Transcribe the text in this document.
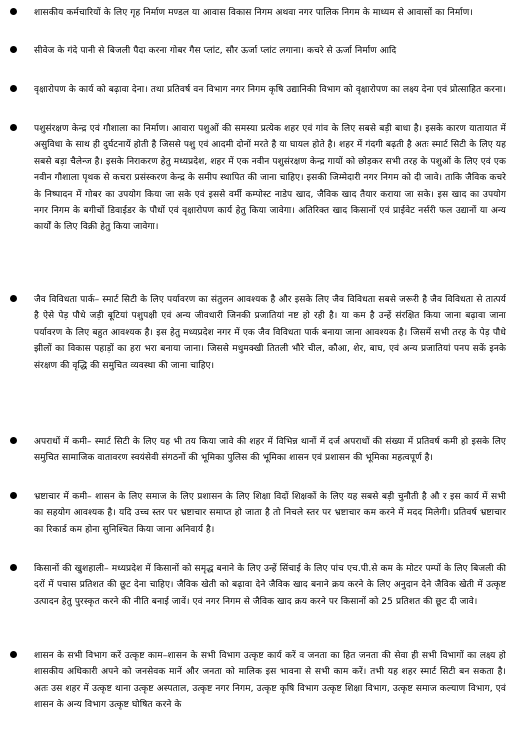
शासकीय कर्मचारियों के लिए गृह निर्माण मण्डल या आवास विकास निगम अथवा नगर पालिक निगम के माध्यम से आवासों का निर्माण।

सीवेज के गंदे पानी से बिजली पैदा करना गोबर गैस प्लांट, सौर ऊर्जा प्लांट लगाना। कचरे से ऊर्जा निर्माण आदि

वृक्षारोपण के कार्य को बढ़ावा देना। तथा प्रतिवर्ष वन विभाग नगर निगम कृषि उद्यानिकी विभाग को वृक्षारोपण का लक्ष्य देना एवं प्रोत्साहित करना।

पशुसंरक्षण केन्द्र एवं गौशाला का निर्माण। आवारा पशुओं की समस्या प्रत्येक शहर एवं गांव के लिए सबसे बड़ी बाधा है। इसके कारण यातायात में असुविधा के साथ ही दुर्घटनायें होती है जिससे पशु एवं आदमी दोनों मरते है या घायल होते है। शहर में गंदगी बढ़ती है अतः स्मार्ट सिटी के लिए यह सबसे बड़ा चैलेन्ज है। इसके निराकरण हेतु मध्यप्रदेश, शहर में एक नवीन पशुसंरक्षण केन्द्र गायों को छोड़कर सभी तरह के पशुओं के लिए एवं एक नवीन गौशाला पृथक से कचरा प्रसंस्करण केन्द्र के समीप स्थापित की जाना चाहिए। इसकी जिम्मेदारी नगर निगम को दी जावे। ताकि जैविक कचरे के निष्पादन में गोबर का उपयोग किया जा सके एवं इससे वर्मी कम्पोस्ट नाडेप खाद, जैविक खाद तैयार कराया जा सके। इस खाद का उपयोग नगर निगम के बगीचों डिवाईडर के पौधों एवं वृक्षारोपण कार्य हेतु किया जावेगा। अतिरिक्त खाद किसानों एवं प्राईवेट नर्सरी फल उद्यानों या अन्य कार्यों के लिए विक्री हेतु किया जावेगा।

जैव विविधता पार्क– स्मार्ट सिटी के लिए पर्यावरण का संतुलन आवश्यक है और इसके लिए जैव विविधता सबसे जरूरी है जैव विविधता से तात्पर्य है ऐसे पेड़ पौधे जड़ी बूटियां पशुपक्षी एवं अन्य जीवधारी जिनकी प्रजातियां नष्ट हो रही है। या कम है उन्हें संरक्षित किया जाना बढ़ावा जाना पर्यावरण के लिए बहुत आवश्यक है। इस हेतु मध्यप्रदेश नगर में एक जैव विविधता पार्क बनाया जाना आवश्यक है। जिसमें सभी तरह के पेड़ पौधे झीलों का विकास पहाड़ों का हरा भरा बनाया जाना। जिससे मधुमक्खी तितली भौरे चील, कौआ, शेर, बाघ, एवं अन्य प्रजातियां पनप सकें इनके संरक्षण की वृद्धि की समुचित व्यवस्था की जाना चाहिए।

अपराधों में कमी– स्मार्ट सिटी के लिए यह भी तय किया जावे की शहर में विभिन्न थानों में दर्ज अपराधों की संख्या में प्रतिवर्ष कमी हो इसके लिए समुचित सामाजिक वातावरण स्वयंसेवी संगठनों की भूमिका पुलिस की भूमिका शासन एवं प्रशासन की भूमिका महत्वपूर्ण है।

भ्रष्टाचार में कमी– शासन के लिए समाज के लिए प्रशासन के लिए शिक्षा विदों शिक्षकों के लिए यह सबसे बड़ी चुनौती है औ र इस कार्य में सभी का सहयोग आवश्यक है। यदि उच्च स्तर पर भ्रष्टाचार समाप्त हो जाता है तो निचले स्तर पर भ्रष्टाचार कम करने में मदद मिलेगी। प्रतिवर्ष भ्रष्टाचार का रिकार्ड कम होना सुनिश्चित किया जाना अनिवार्य है।

किसानों की खुशहाली– मध्यप्रदेश में किसानों को समृद्ध बनाने के लिए उन्हें सिंचाई के लिए पांच एच.पी.से कम के मोटर पम्पों के लिए बिजली की दरों में पचास प्रतिशत की छूट देना चाहिए। जैविक खेती को बढ़ावा देने जैविक खाद बनाने क्रय करने के लिए अनुदान देने जैविक खेती में उत्कृष्ट उत्पादन हेतु पुरस्कृत करने की नीति बनाई जावें। एवं नगर निगम से जैविक खाद क्रय करने पर किसानों को 25 प्रतिशत की छूट दी जावे।

शासन के सभी विभाग करें उत्कृष्ट काम–शासन के सभी विभाग उत्कृष्ट कार्य करें व जनता का हित जनता की सेवा ही सभी विभागों का लक्ष्य हो शासकीय अधिकारी अपने को जनसेवक मानें और जनता को मालिक इस भावना से सभी काम करें। तभी यह शहर स्मार्ट सिटी बन सकता है। अतः उस शहर में उत्कृष्ट थाना उत्कृष्ट अस्पताल, उत्कृष्ट नगर निगम, उत्कृष्ट कृषि विभाग उत्कृष्ट शिक्षा विभाग, उत्कृष्ट समाज कल्याण विभाग, एवं शासन के अन्य विभाग उत्कृष्ट घोषित करने के
